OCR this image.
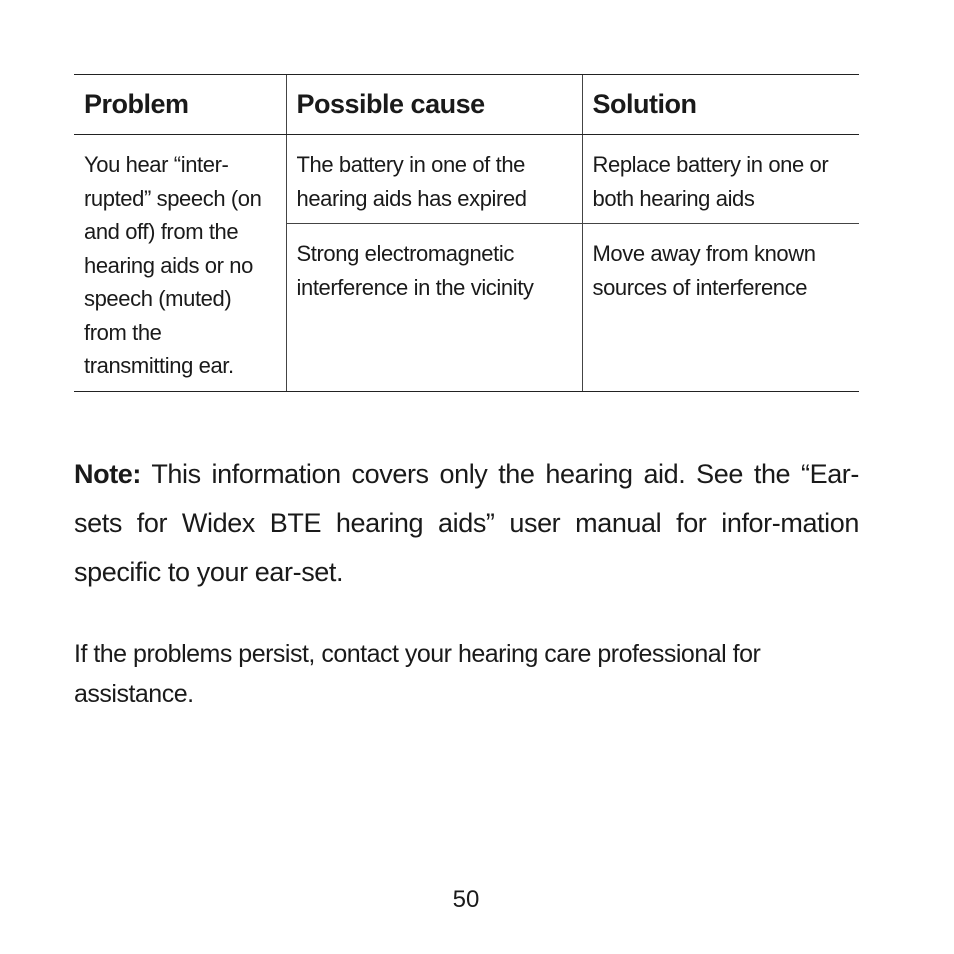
Problem	Possible cause	Solution
You hear “inter-rupted” speech (on and off) from the hearing aids or no speech (muted) from the transmitting ear.	The battery in one of the hearing aids has expired	Replace battery in one or both hearing aids
	Strong electromagnetic interference in the vicinity	Move away from known sources of interference

Note: This information covers only the hearing aid. See the “Ear-sets for Widex BTE hearing aids” user manual for infor-mation specific to your ear-set.

If the problems persist, contact your hearing care professional for assistance.

50
